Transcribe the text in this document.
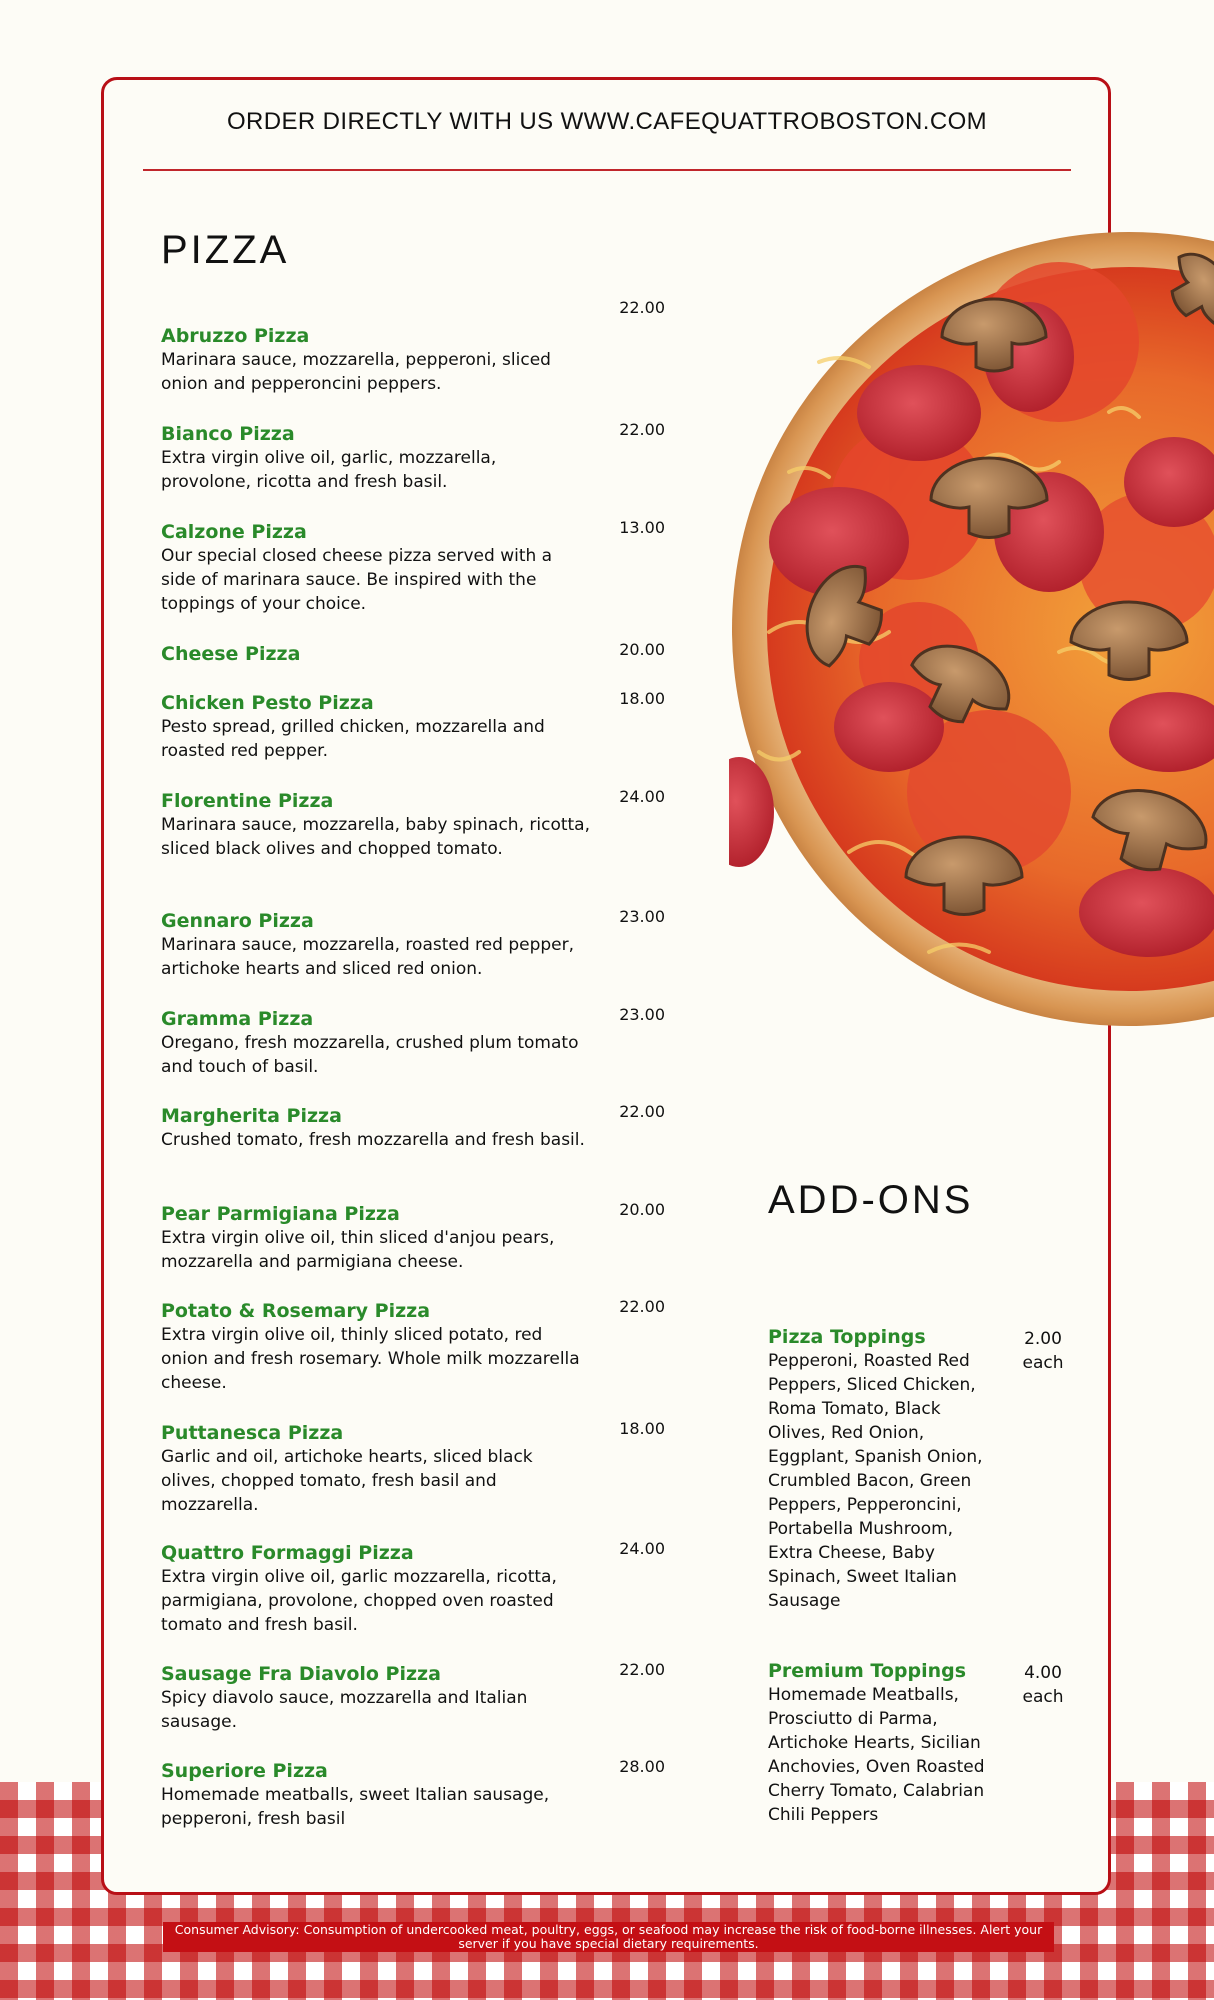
ORDER DIRECTLY WITH US WWW.CAFEQUATTROBOSTON.COM
PIZZA
Abruzzo Pizza
Marinara sauce, mozzarella, pepperoni, sliced onion and pepperoncini peppers.
22.00
Bianco Pizza
Extra virgin olive oil, garlic, mozzarella, provolone, ricotta and fresh basil.
22.00
Calzone Pizza
Our special closed cheese pizza served with a side of marinara sauce. Be inspired with the toppings of your choice.
13.00
Cheese Pizza	20.00
Chicken Pesto Pizza
Pesto spread, grilled chicken, mozzarella and roasted red pepper.
18.00
Florentine Pizza
Marinara sauce, mozzarella, baby spinach, ricotta, sliced black olives and chopped tomato.
24.00
Gennaro Pizza
Marinara sauce, mozzarella, roasted red pepper, artichoke hearts and sliced red onion.
23.00
Gramma Pizza
Oregano, fresh mozzarella, crushed plum tomato and touch of basil.
23.00
Margherita Pizza
Crushed tomato, fresh mozzarella and fresh basil.
22.00
Pear Parmigiana Pizza
Extra virgin olive oil, thin sliced d'anjou pears, mozzarella and parmigiana cheese.
20.00
Potato & Rosemary Pizza
Extra virgin olive oil, thinly sliced potato, red onion and fresh rosemary. Whole milk mozzarella cheese.
22.00
Puttanesca Pizza
Garlic and oil, artichoke hearts, sliced black olives, chopped tomato, fresh basil and mozzarella.
18.00
Quattro Formaggi Pizza
Extra virgin olive oil, garlic mozzarella, ricotta, parmigiana, provolone, chopped oven roasted tomato and fresh basil.
24.00
Sausage Fra Diavolo Pizza
Spicy diavolo sauce, mozzarella and Italian sausage.
22.00
Superiore Pizza
Homemade meatballs, sweet Italian sausage, pepperoni, fresh basil
28.00
ADD-ONS
Pizza Toppings
Pepperoni, Roasted Red Peppers, Sliced Chicken, Roma Tomato, Black Olives, Red Onion, Eggplant, Spanish Onion, Crumbled Bacon, Green Peppers, Pepperoncini, Portabella Mushroom, Extra Cheese, Baby Spinach, Sweet Italian Sausage
2.00
each
Premium Toppings
Homemade Meatballs, Prosciutto di Parma, Artichoke Hearts, Sicilian Anchovies, Oven Roasted Cherry Tomato, Calabrian Chili Peppers
4.00
each
Consumer Advisory: Consumption of undercooked meat, poultry, eggs, or seafood may increase the risk of food-borne illnesses. Alert your server if you have special dietary requirements.
